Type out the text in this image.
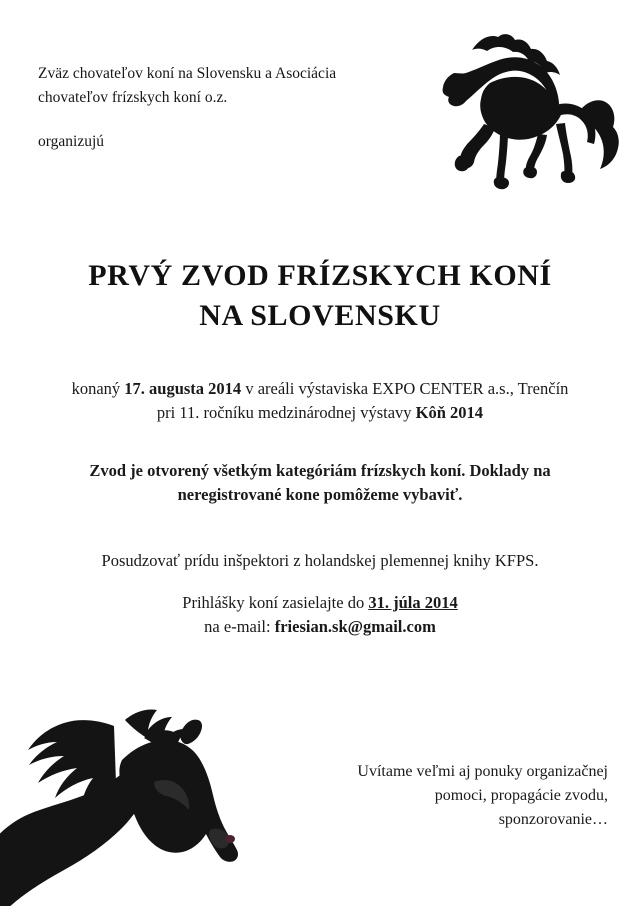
Zväz chovateľov koní na Slovensku a Asociácia
chovateľov frízskych koní o.z.
organizujú
PRVÝ ZVOD FRÍZSKYCH KONÍ
NA SLOVENSKU
konaný 17. augusta 2014 v areáli výstaviska EXPO CENTER a.s., Trenčín
pri 11. ročníku medzinárodnej výstavy Kôň 2014
Zvod je otvorený všetkým kategóriám frízskych koní. Doklady na
neregistrované kone pomôžeme vybaviť.
Posudzovať prídu inšpektori z holandskej plemennej knihy KFPS.
Prihlášky koní zasielajte do 31. júla 2014
na e-mail: friesian.sk@gmail.com
Uvítame veľmi aj ponuky organizačnej
pomoci, propagácie zvodu,
sponzorovanie…
